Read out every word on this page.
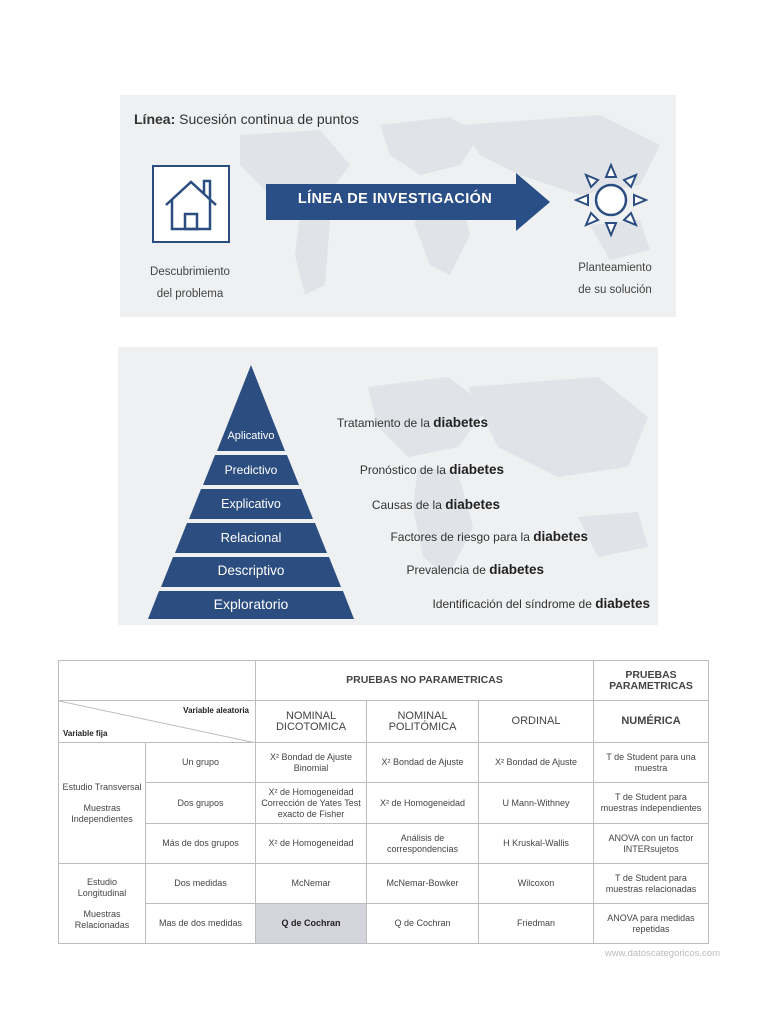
Línea: Sucesión continua de puntos
LÍNEA DE INVESTIGACIÓN
Descubrimiento
del problema
Planteamiento
de su solución
Aplicativo
Predictivo
Explicativo
Relacional
Descriptivo
Exploratorio
Tratamiento de la diabetes
Pronóstico de la diabetes
Causas de la diabetes
Factores de riesgo para la diabetes
Prevalencia de diabetes
Identificación del síndrome de diabetes
		PRUEBAS NO PARAMETRICAS			PRUEBAS PARAMETRICAS

Variable aleatoria
Variable fija		NOMINAL DICOTOMICA	NOMINAL POLITÓMICA	ORDINAL	NUMÉRICA

Estudio Transversal
Muestras Independientes	Un grupo	X² Bondad de Ajuste Binomial	X² Bondad de Ajuste	X² Bondad de Ajuste	T de Student para una muestra
	Dos grupos	X² de Homogeneidad Corrección de Yates Test exacto de Fisher	X² de Homogeneidad	U Mann-Withney	T de Student para muestras independientes
	Más de dos grupos	X² de Homogeneidad	Análisis de correspondencias	H Kruskal-Wallis	ANOVA con un factor INTERsujetos

Estudio Longitudinal
Muestras Relacionadas	Dos medidas	McNemar	McNemar-Bowker	Wilcoxon	T de Student para muestras relacionadas
	Mas de dos medidas	Q de Cochran	Q de Cochran	Friedman	ANOVA para medidas repetidas
www.datoscategoricos.com
